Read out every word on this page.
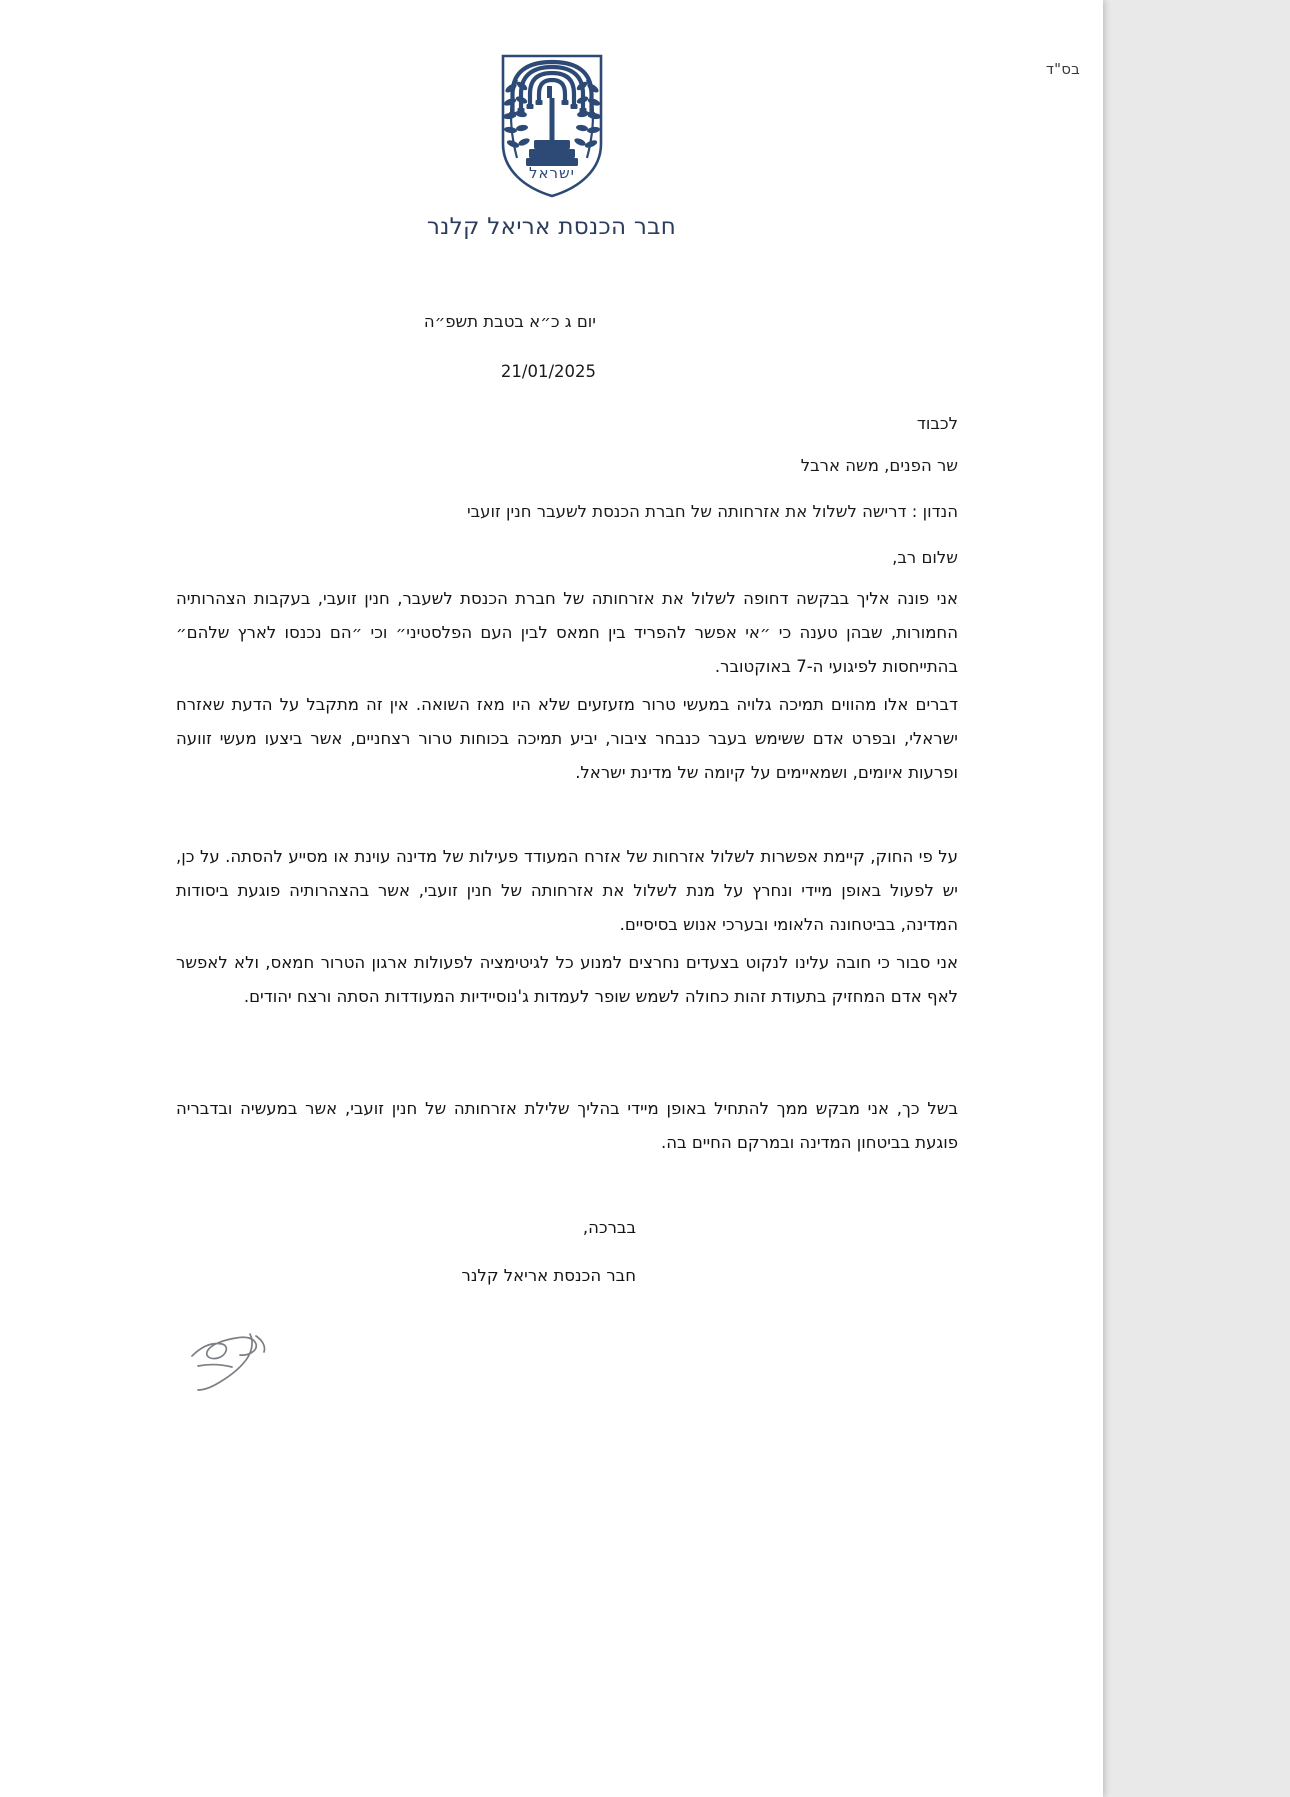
בס"ד
ישראל
חבר הכנסת אריאל קלנר
יום ג כ״א בטבת תשפ״ה
21/01/2025
לכבוד
שר הפנים, משה ארבל
הנדון : דרישה לשלול את אזרחותה של חברת הכנסת לשעבר חנין זועבי
שלום רב,
אני פונה אליך בבקשה דחופה לשלול את אזרחותה של חברת הכנסת לשעבר, חנין זועבי, בעקבות הצהרותיה החמורות, שבהן טענה כי ״אי אפשר להפריד בין חמאס לבין העם הפלסטיני״ וכי ״הם נכנסו לארץ שלהם״ בהתייחסות לפיגועי ה-7 באוקטובר.
דברים אלו מהווים תמיכה גלויה במעשי טרור מזעזעים שלא היו מאז השואה. אין זה מתקבל על הדעת שאזרח ישראלי, ובפרט אדם ששימש בעבר כנבחר ציבור, יביע תמיכה בכוחות טרור רצחניים, אשר ביצעו מעשי זוועה ופרעות איומים, ושמאיימים על קיומה של מדינת ישראל.
על פי החוק, קיימת אפשרות לשלול אזרחות של אזרח המעודד פעילות של מדינה עוינת או מסייע להסתה. על כן, יש לפעול באופן מיידי ונחרץ על מנת לשלול את אזרחותה של חנין זועבי, אשר בהצהרותיה פוגעת ביסודות המדינה, בביטחונה הלאומי ובערכי אנוש בסיסיים.
אני סבור כי חובה עלינו לנקוט בצעדים נחרצים למנוע כל לגיטימציה לפעולות ארגון הטרור חמאס, ולא לאפשר לאף אדם המחזיק בתעודת זהות כחולה לשמש שופר לעמדות ג'נוסיידיות המעודדות הסתה ורצח יהודים.
בשל כך, אני מבקש ממך להתחיל באופן מיידי בהליך שלילת אזרחותה של חנין זועבי, אשר במעשיה ובדבריה פוגעת בביטחון המדינה ובמרקם החיים בה.
בברכה,
חבר הכנסת אריאל קלנר
